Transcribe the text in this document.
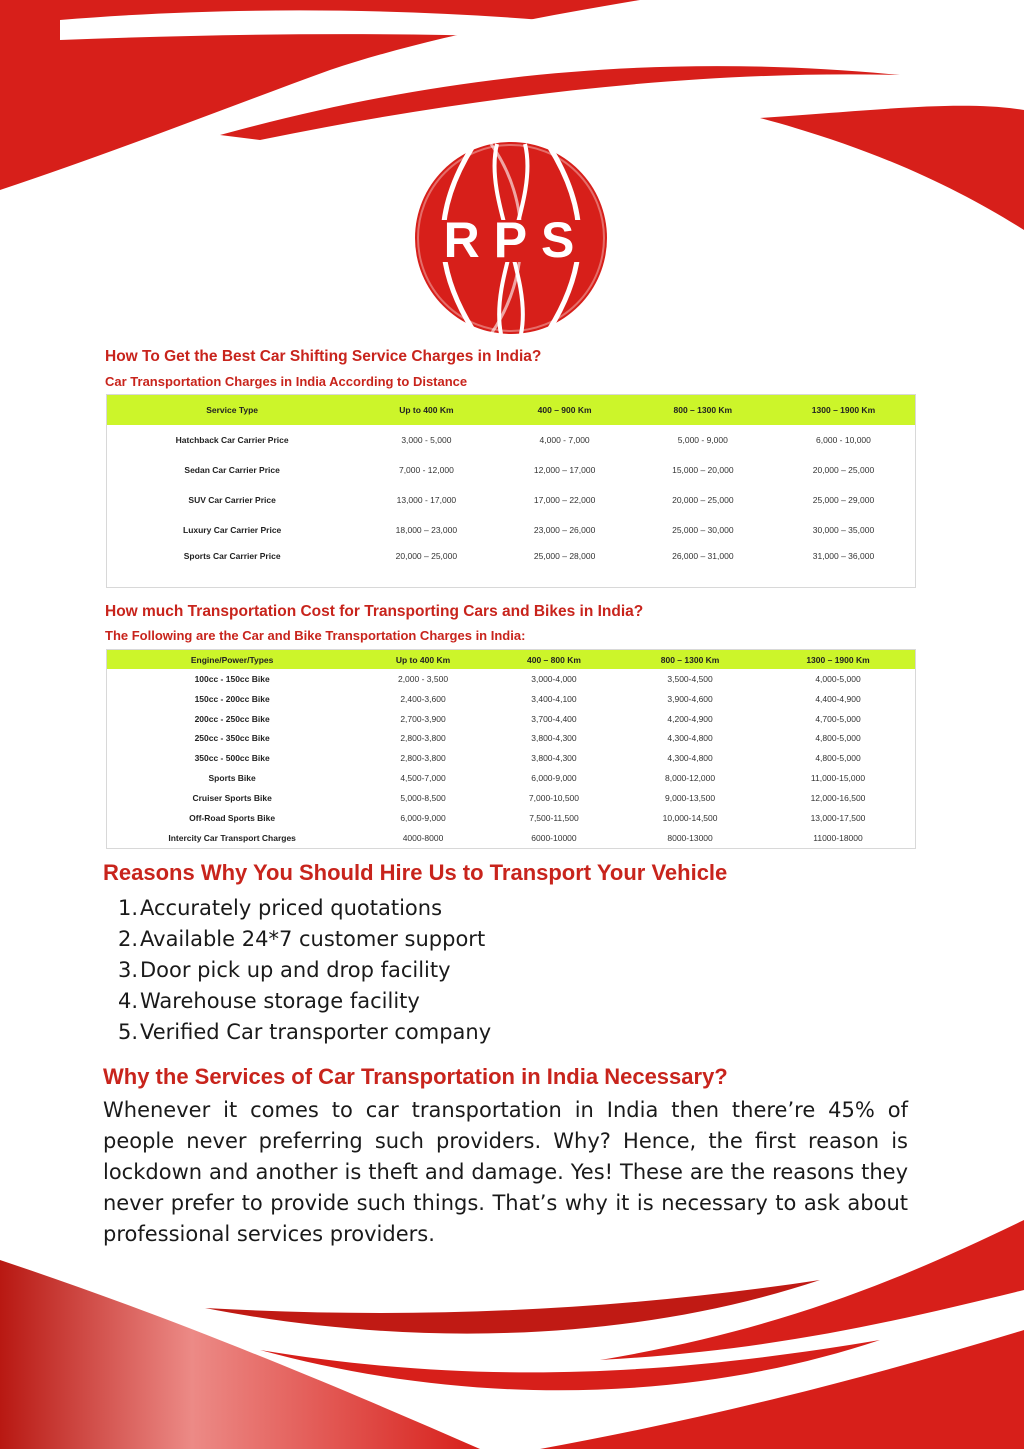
RPS
How To Get the Best Car Shifting Service Charges in India?
Car Transportation Charges in India According to Distance
Service Type	Up to 400 Km	400 – 900 Km	800 – 1300 Km	1300 – 1900 Km
Hatchback Car Carrier Price	3,000 - 5,000	4,000 - 7,000	5,000 - 9,000	6,000 - 10,000
Sedan Car Carrier Price	7,000 - 12,000	12,000 – 17,000	15,000 – 20,000	20,000 – 25,000
SUV Car Carrier Price	13,000 - 17,000	17,000 – 22,000	20,000 – 25,000	25,000 – 29,000
Luxury Car Carrier Price	18,000 – 23,000	23,000 – 26,000	25,000 – 30,000	30,000 – 35,000
Sports Car Carrier Price	20,000 – 25,000	25,000 – 28,000	26,000 – 31,000	31,000 – 36,000
How much Transportation Cost for Transporting Cars and Bikes in India?
The Following are the Car and Bike Transportation Charges in India:
Engine/Power/Types	Up to 400 Km	400 – 800 Km	800 – 1300 Km	1300 – 1900 Km
100cc - 150cc Bike	2,000 - 3,500	3,000-4,000	3,500-4,500	4,000-5,000
150cc - 200cc Bike	2,400-3,600	3,400-4,100	3,900-4,600	4,400-4,900
200cc - 250cc Bike	2,700-3,900	3,700-4,400	4,200-4,900	4,700-5,000
250cc - 350cc Bike	2,800-3,800	3,800-4,300	4,300-4,800	4,800-5,000
350cc - 500cc Bike	2,800-3,800	3,800-4,300	4,300-4,800	4,800-5,000
Sports Bike	4,500-7,000	6,000-9,000	8,000-12,000	11,000-15,000
Cruiser Sports Bike	5,000-8,500	7,000-10,500	9,000-13,500	12,000-16,500
Off-Road Sports Bike	6,000-9,000	7,500-11,500	10,000-14,500	13,000-17,500
Intercity Car Transport Charges	4000-8000	6000-10000	8000-13000	11000-18000
Reasons Why You Should Hire Us to Transport Your Vehicle
1. Accurately priced quotations
2. Available 24*7 customer support
3. Door pick up and drop facility
4. Warehouse storage facility
5. Verified Car transporter company
Why the Services of Car Transportation in India Necessary?

Whenever it comes to car transportation in India then there’re 45% of people never preferring such providers. Why? Hence, the first reason is lockdown and another is theft and damage. Yes! These are the reasons they never prefer to provide such things. That’s why it is necessary to ask about professional services providers.
